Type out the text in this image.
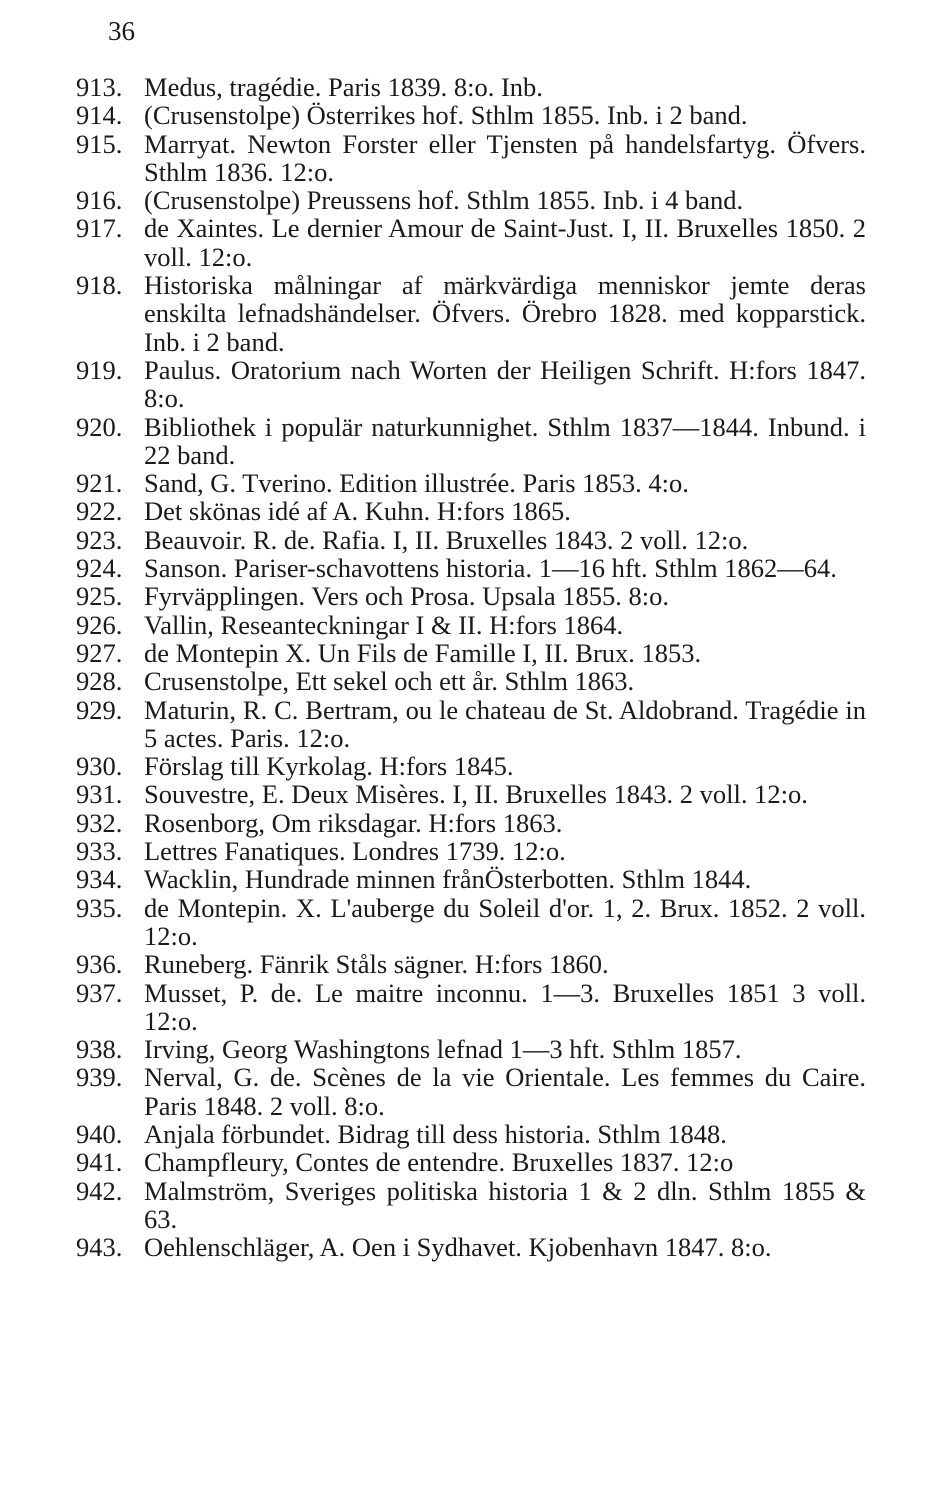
36
913. Medus, tragédie. Paris 1839. 8:o. Inb.
914. (Crusenstolpe) Österrikes hof. Sthlm 1855. Inb. i 2 band.
915. Marryat. Newton Forster eller Tjensten på handelsfartyg. Öfvers. Sthlm 1836. 12:o.
916. (Crusenstolpe) Preussens hof. Sthlm 1855. Inb. i 4 band.
917. de Xaintes. Le dernier Amour de Saint-Just. I, II. Bruxelles 1850. 2 voll. 12:o.
918. Historiska målningar af märkvärdiga menniskor jemte deras enskilta lefnadshändelser. Öfvers. Örebro 1828. med kopparstick. Inb. i 2 band.
919. Paulus. Oratorium nach Worten der Heiligen Schrift. H:fors 1847. 8:o.
920. Bibliothek i populär naturkunnighet. Sthlm 1837—1844. Inbund. i 22 band.
921. Sand, G. Tverino. Edition illustrée. Paris 1853. 4:o.
922. Det skönas idé af A. Kuhn. H:fors 1865.
923. Beauvoir. R. de. Rafia. I, II. Bruxelles 1843. 2 voll. 12:o.
924. Sanson. Pariser-schavottens historia. 1—16 hft. Sthlm 1862—64.
925. Fyrväpplingen. Vers och Prosa. Upsala 1855. 8:o.
926. Vallin, Reseanteckningar I & II. H:fors 1864.
927. de Montepin X. Un Fils de Famille I, II. Brux. 1853.
928. Crusenstolpe, Ett sekel och ett år. Sthlm 1863.
929. Maturin, R. C. Bertram, ou le chateau de St. Aldobrand. Tragédie in 5 actes. Paris. 12:o.
930. Förslag till Kyrkolag. H:fors 1845.
931. Souvestre, E. Deux Misères. I, II. Bruxelles 1843. 2 voll. 12:o.
932. Rosenborg, Om riksdagar. H:fors 1863.
933. Lettres Fanatiques. Londres 1739. 12:o.
934. Wacklin, Hundrade minnen frånÖsterbotten. Sthlm 1844.
935. de Montepin. X. L'auberge du Soleil d'or. 1, 2. Brux. 1852. 2 voll. 12:o.
936. Runeberg. Fänrik Ståls sägner. H:fors 1860.
937. Musset, P. de. Le maitre inconnu. 1—3. Bruxelles 1851 3 voll. 12:o.
938. Irving, Georg Washingtons lefnad 1—3 hft. Sthlm 1857.
939. Nerval, G. de. Scènes de la vie Orientale. Les femmes du Caire. Paris 1848. 2 voll. 8:o.
940. Anjala förbundet. Bidrag till dess historia. Sthlm 1848.
941. Champfleury, Contes de entendre. Bruxelles 1837. 12:o
942. Malmström, Sveriges politiska historia 1 & 2 dln. Sthlm 1855 & 63.
943. Oehlenschläger, A. Oen i Sydhavet. Kjobenhavn 1847. 8:o.
